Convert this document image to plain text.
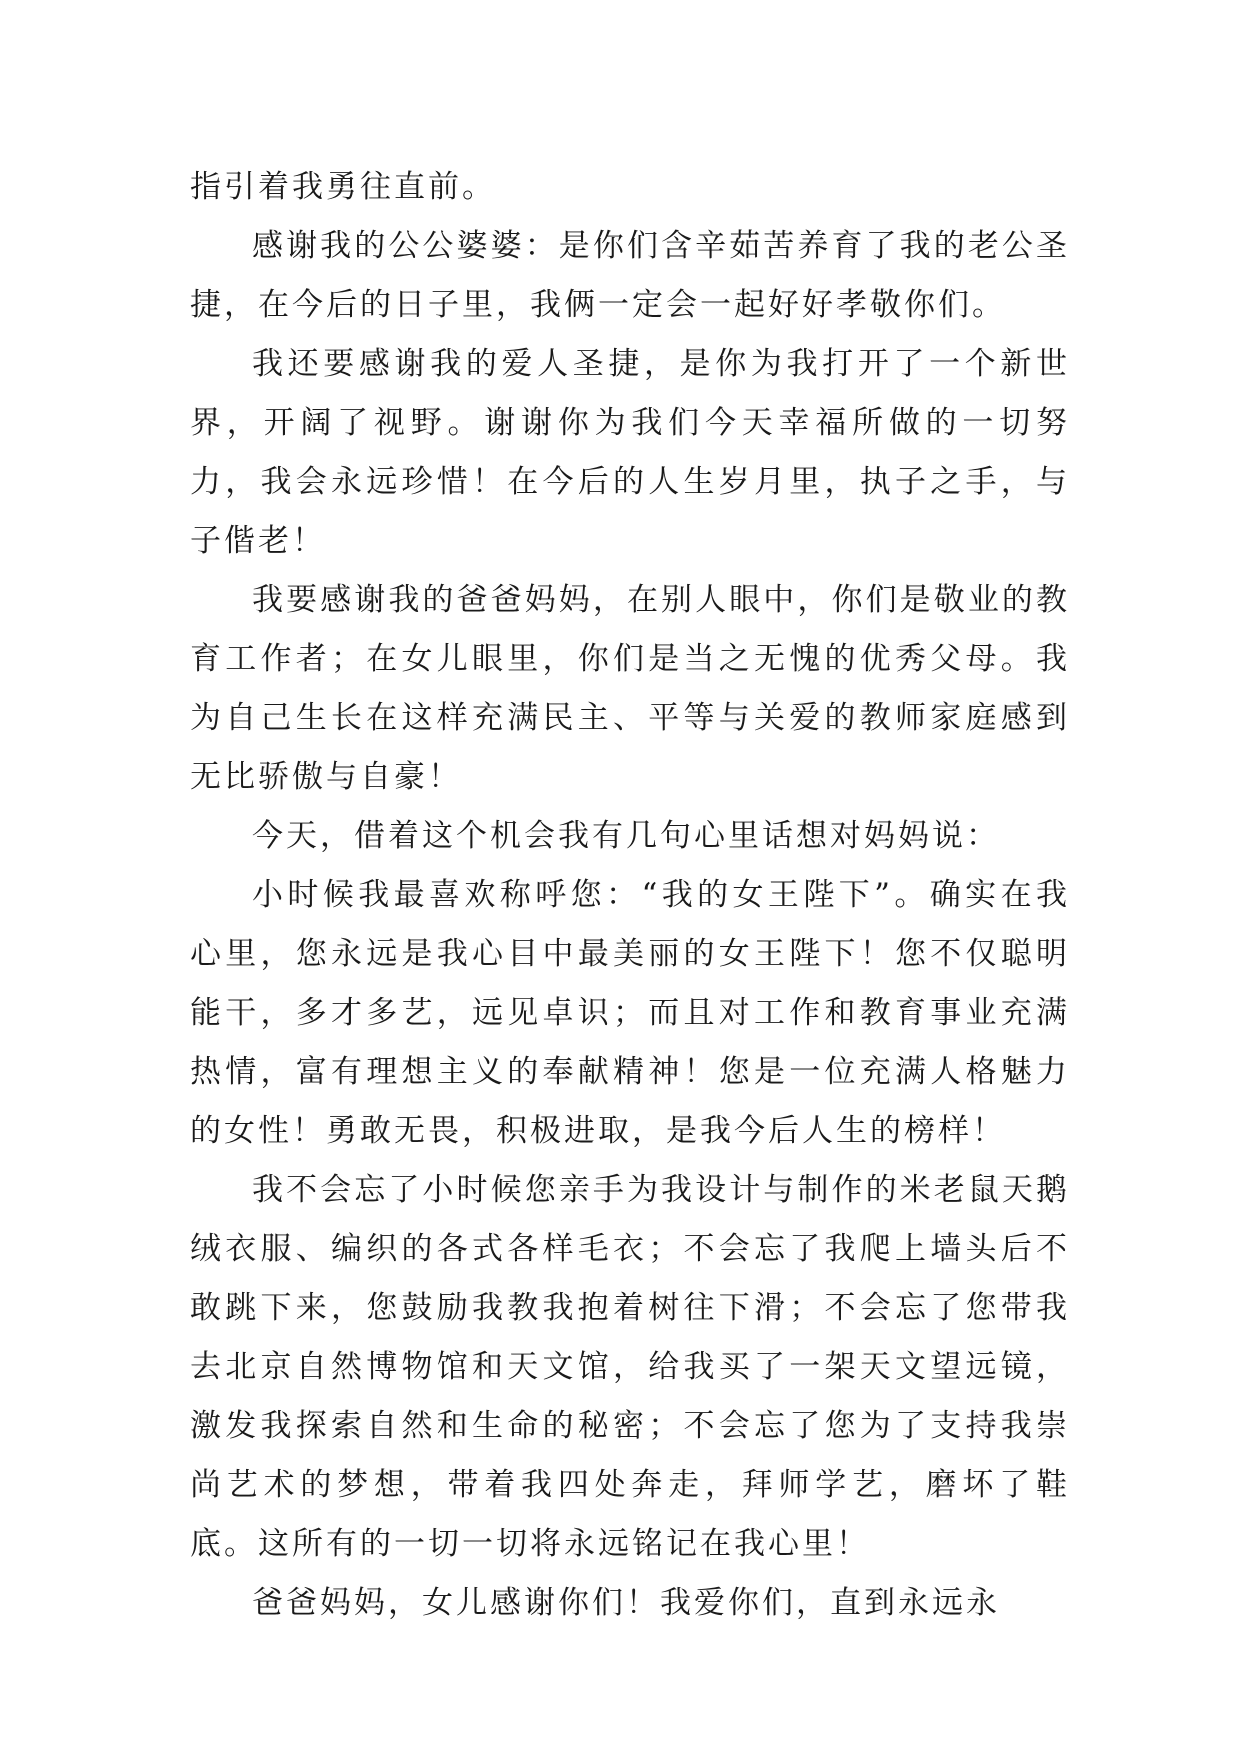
指引着我勇往直前。

感谢我的公公婆婆：是你们含辛茹苦养育了我的老公圣捷，在今后的日子里，我俩一定会一起好好孝敬你们。

我还要感谢我的爱人圣捷，是你为我打开了一个新世界，开阔了视野。谢谢你为我们今天幸福所做的一切努力，我会永远珍惜！在今后的人生岁月里，执子之手，与子偕老！

我要感谢我的爸爸妈妈，在别人眼中，你们是敬业的教育工作者；在女儿眼里，你们是当之无愧的优秀父母。我为自己生长在这样充满民主、平等与关爱的教师家庭感到无比骄傲与自豪！

今天，借着这个机会我有几句心里话想对妈妈说：

小时候我最喜欢称呼您：“我的女王陛下”。确实在我心里，您永远是我心目中最美丽的女王陛下！您不仅聪明能干，多才多艺，远见卓识；而且对工作和教育事业充满热情，富有理想主义的奉献精神！您是一位充满人格魅力的女性！勇敢无畏，积极进取，是我今后人生的榜样！

我不会忘了小时候您亲手为我设计与制作的米老鼠天鹅绒衣服、编织的各式各样毛衣；不会忘了我爬上墙头后不敢跳下来，您鼓励我教我抱着树往下滑；不会忘了您带我去北京自然博物馆和天文馆，给我买了一架天文望远镜，激发我探索自然和生命的秘密；不会忘了您为了支持我崇尚艺术的梦想，带着我四处奔走，拜师学艺，磨坏了鞋底。这所有的一切一切将永远铭记在我心里！

爸爸妈妈，女儿感谢你们！我爱你们，直到永远永
